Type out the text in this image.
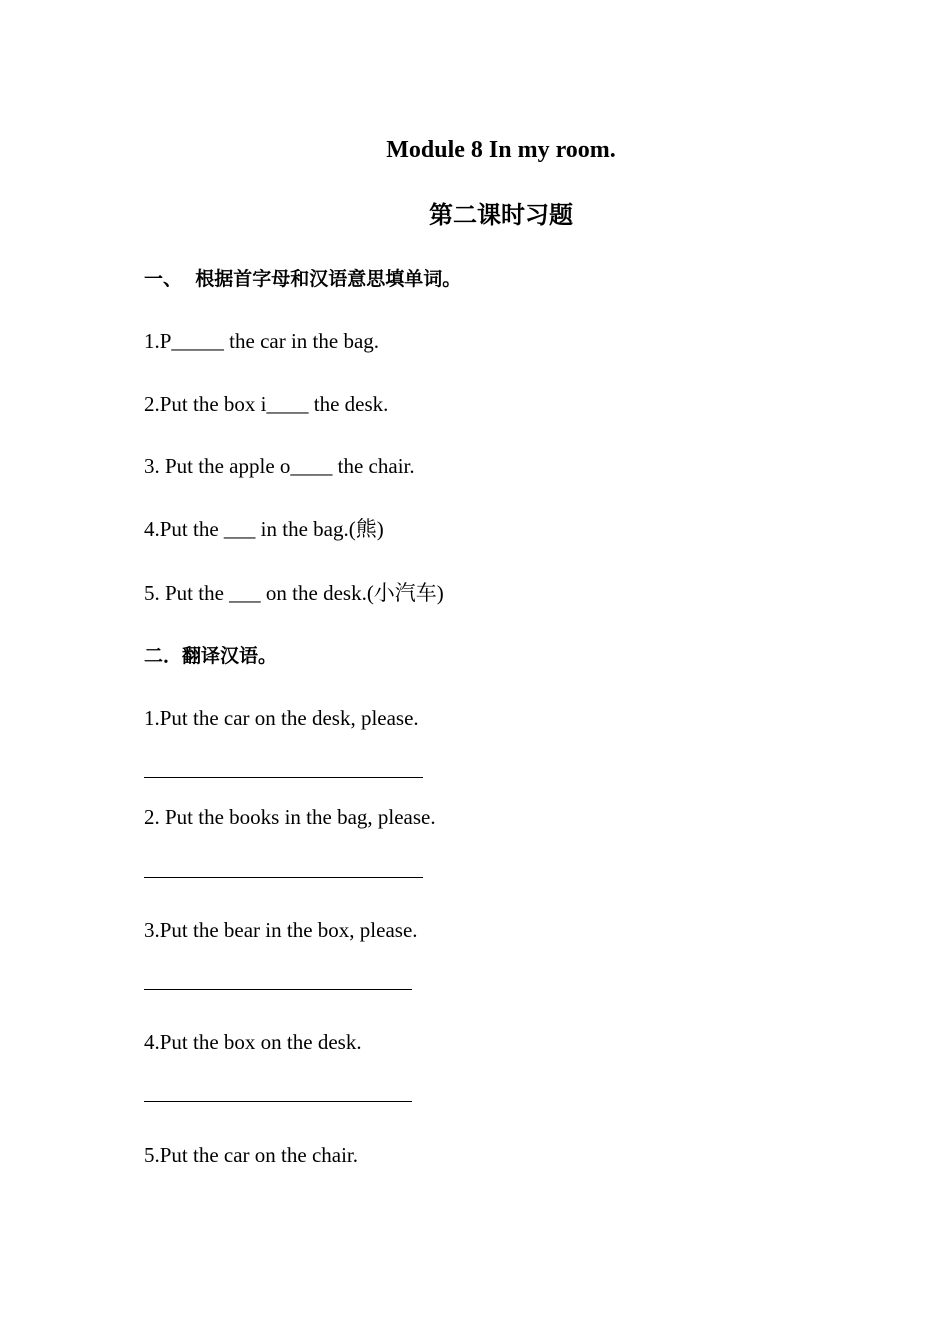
Module 8 In my room.
第二课时习题
一、  根据首字母和汉语意思填单词。
1.P_____ the car in the bag.
2.Put the box i____ the desk.
3. Put the apple o____ the chair.
4.Put the ___ in the bag.(熊)
5. Put the ___ on the desk.(小汽车)
二．翻译汉语。
1.Put the car on the desk, please.
2. Put the books in the bag, please.
3.Put the bear in the box, please.
4.Put the box on the desk.
5.Put the car on the chair.
